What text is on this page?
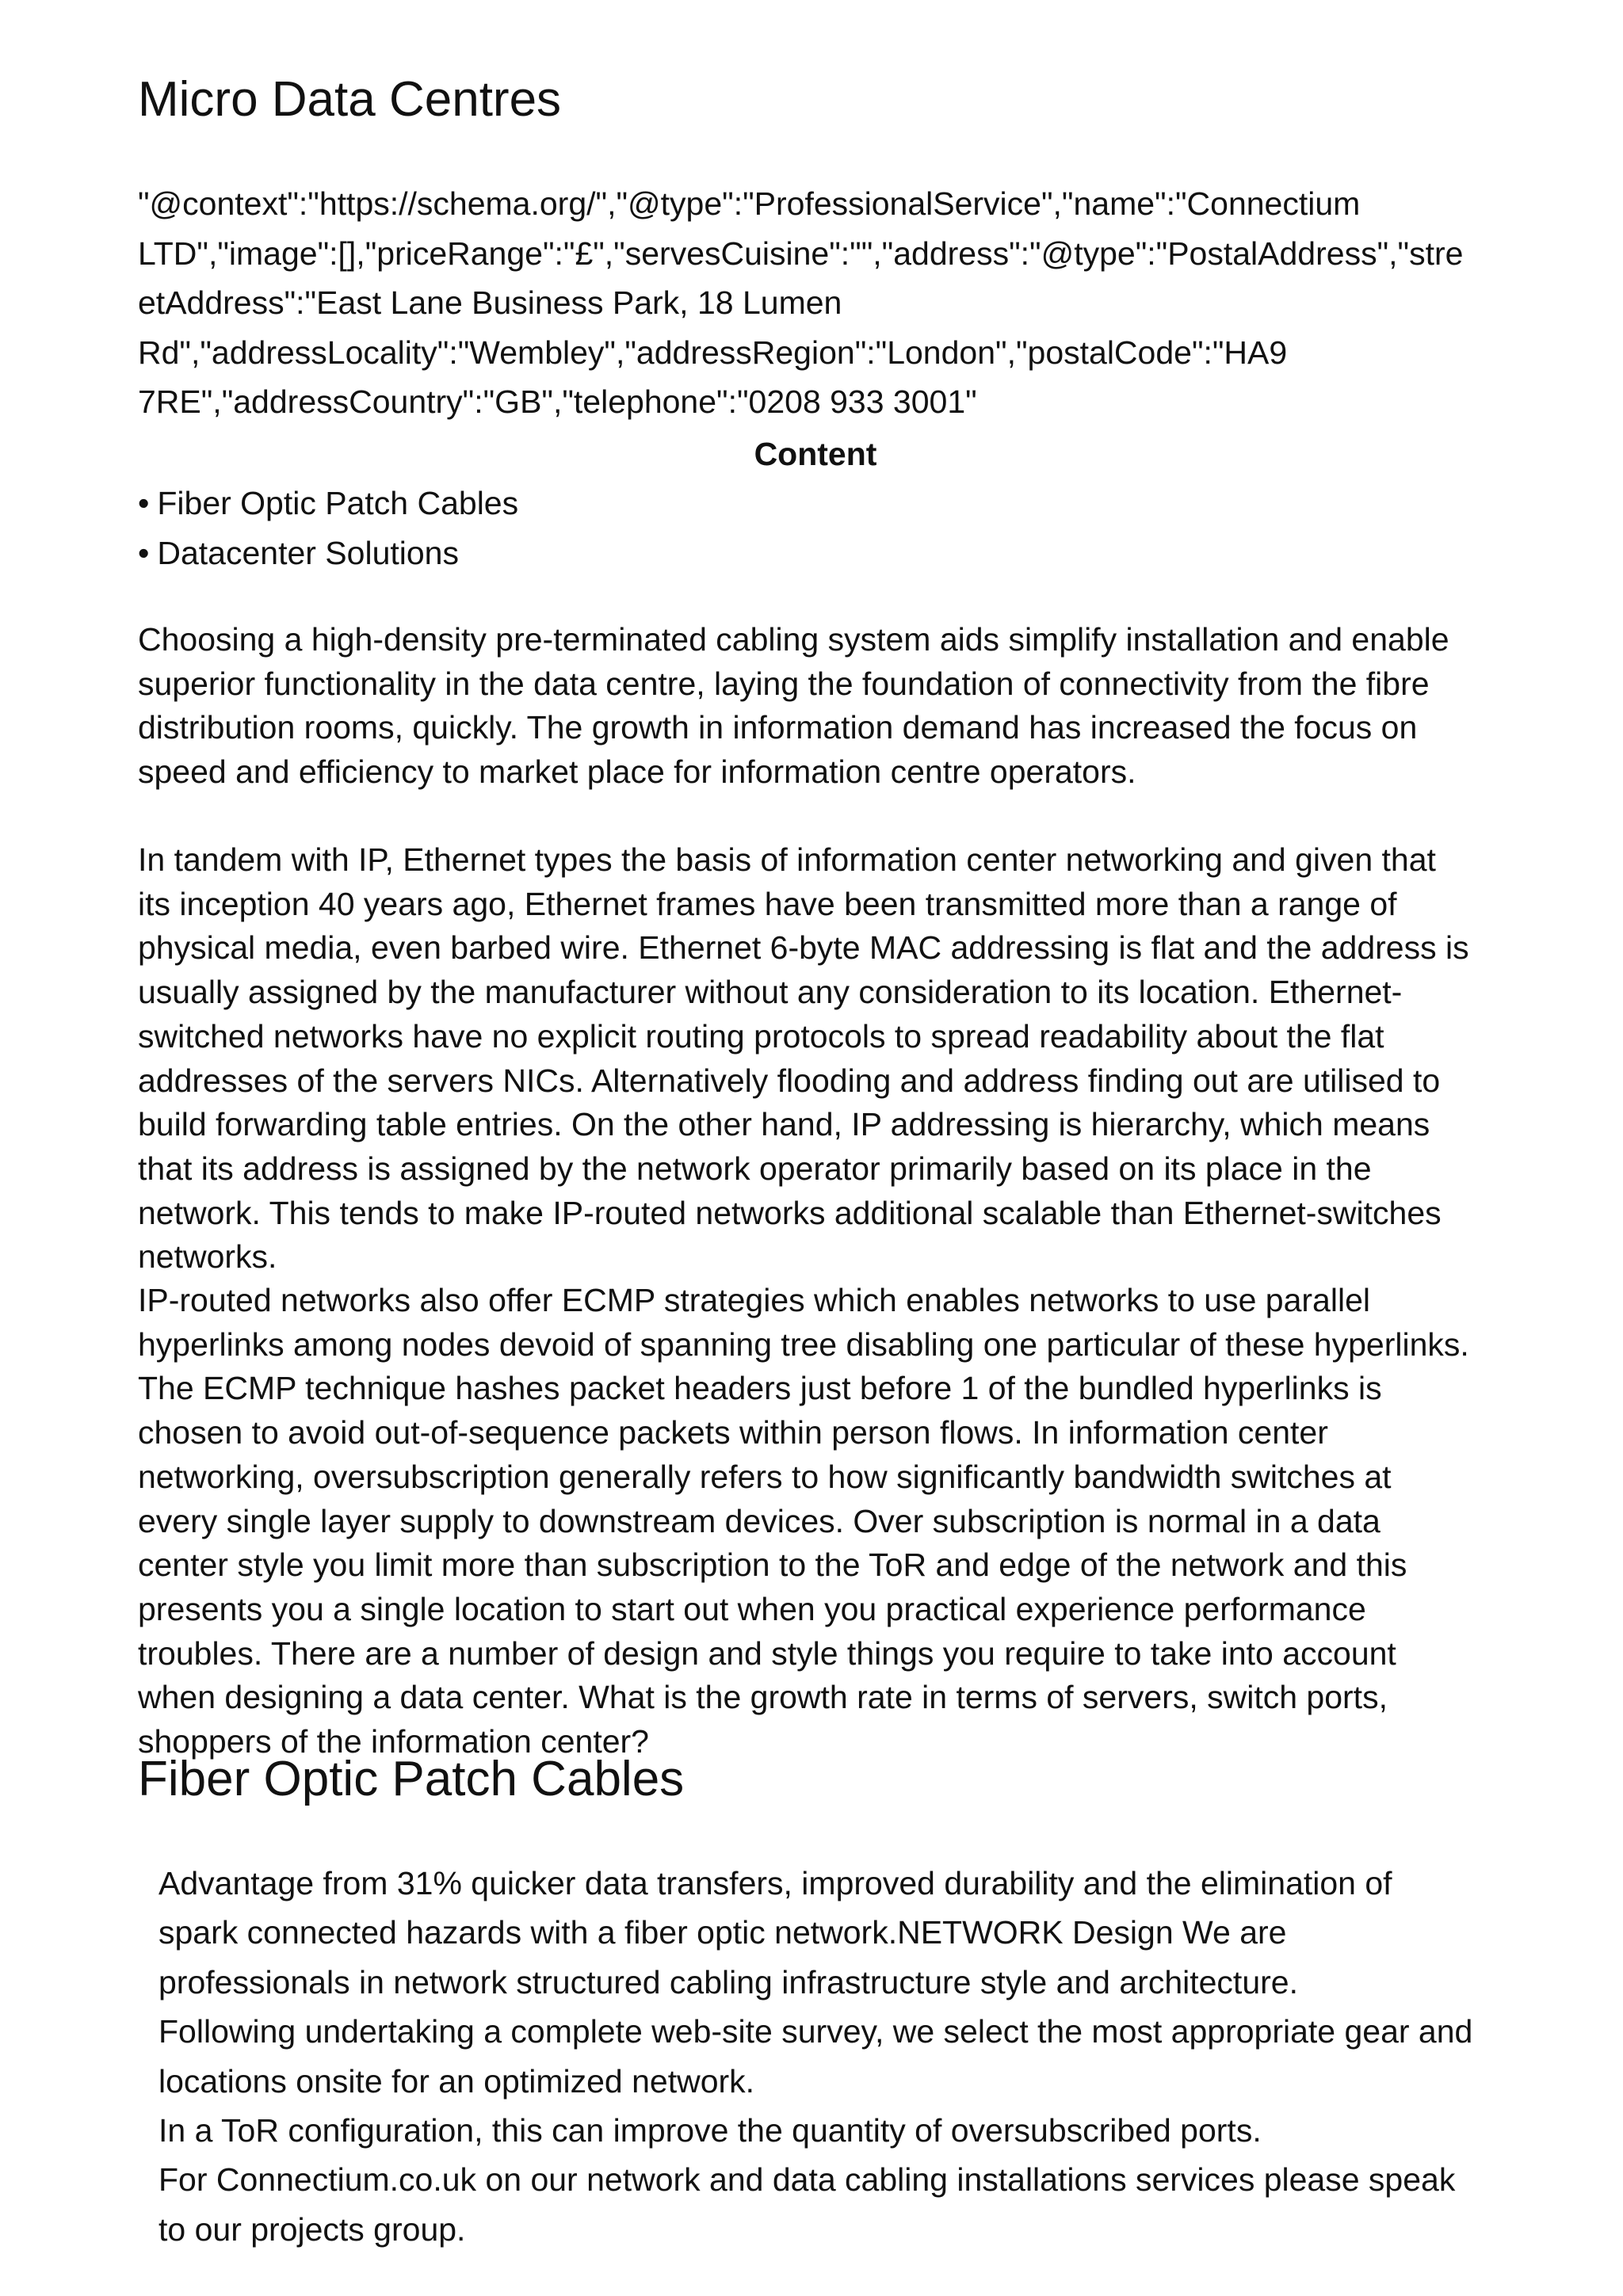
Micro Data Centres

"@context":"https://schema.org/","@type":"ProfessionalService","name":"Connectium
LTD","image":[],"priceRange":"£","servesCuisine":"","address":"@type":"PostalAddress","stre
etAddress":"East Lane Business Park, 18 Lumen
Rd","addressLocality":"Wembley","addressRegion":"London","postalCode":"HA9
7RE","addressCountry":"GB","telephone":"0208 933 3001"

Content
• Fiber Optic Patch Cables
• Datacenter Solutions

Choosing a high-density pre-terminated cabling system aids simplify installation and enable
superior functionality in the data centre, laying the foundation of connectivity from the fibre
distribution rooms, quickly. The growth in information demand has increased the focus on
speed and efficiency to market place for information centre operators.

In tandem with IP, Ethernet types the basis of information center networking and given that
its inception 40 years ago, Ethernet frames have been transmitted more than a range of
physical media, even barbed wire. Ethernet 6-byte MAC addressing is flat and the address is
usually assigned by the manufacturer without any consideration to its location. Ethernet-
switched networks have no explicit routing protocols to spread readability about the flat
addresses of the servers NICs. Alternatively flooding and address finding out are utilised to
build forwarding table entries. On the other hand, IP addressing is hierarchy, which means
that its address is assigned by the network operator primarily based on its place in the
network. This tends to make IP-routed networks additional scalable than Ethernet-switches
networks.

IP-routed networks also offer ECMP strategies which enables networks to use parallel
hyperlinks among nodes devoid of spanning tree disabling one particular of these hyperlinks.
The ECMP technique hashes packet headers just before 1 of the bundled hyperlinks is
chosen to avoid out-of-sequence packets within person flows. In information center
networking, oversubscription generally refers to how significantly bandwidth switches at
every single layer supply to downstream devices. Over subscription is normal in a data
center style you limit more than subscription to the ToR and edge of the network and this
presents you a single location to start out when you practical experience performance
troubles. There are a number of design and style things you require to take into account
when designing a data center. What is the growth rate in terms of servers, switch ports,
shoppers of the information center?

Fiber Optic Patch Cables

Advantage from 31% quicker data transfers, improved durability and the elimination of
spark connected hazards with a fiber optic network.NETWORK Design We are
professionals in network structured cabling infrastructure style and architecture.
Following undertaking a complete web-site survey, we select the most appropriate gear and
locations onsite for an optimized network.
In a ToR configuration, this can improve the quantity of oversubscribed ports.
For Connectium.co.uk on our network and data cabling installations services please speak
to our projects group.
